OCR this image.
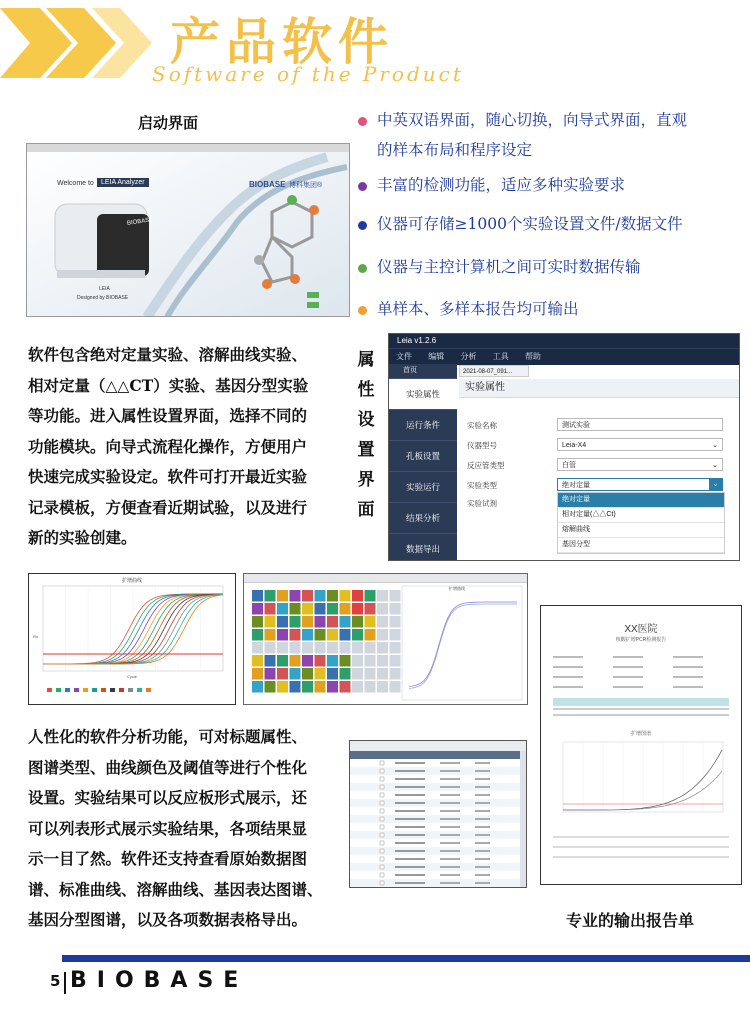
产品软件
Software of the Product
启动界面
Welcome to	LEIA Analyzer	BIOBASE 博科集团®
BIOBASE
LEIA
Designed by BIOBASE
中英双语界面，随心切换，向导式界面，直观
的样本布局和程序设定
丰富的检测功能，适应多种实验要求
仪器可存储≥1000个实验设置文件/数据文件
仪器与主控计算机之间可实时数据传输
单样本、多样本报告均可输出
软件包含绝对定量实验、溶解曲线实验、
相对定量（△△CT）实验、基因分型实验
等功能。进入属性设置界面，选择不同的
功能模块。向导式流程化操作，方便用户
快速完成实验设定。软件可打开最近实验
记录模板，方便查看近期试验，以及进行
新的实验创建。
属
性
设
置
界
面
Leia v1.2.6
文件 编辑 分析 工具 帮助
首页
实验属性
运行条件
孔板设置
实验运行
结果分析
数据导出
2021-08-07_091...
实验属性
实验名称	测试实验
仪器型号	Leia-X4	⌄
反应管类型	白管	⌄
实验类型	绝对定量	⌄
实验试剂	绝对定量
相对定量(△△Ct)
熔解曲线
基因分型
扩增曲线
Rn
Cycle
扩增曲线
人性化的软件分析功能，可对标题属性、
图谱类型、曲线颜色及阈值等进行个性化
设置。实验结果可以反应板形式展示，还
可以列表形式展示实验结果，各项结果显
示一目了然。软件还支持查看原始数据图
谱、标准曲线、溶解曲线、基因表达图谱、
基因分型图谱，以及各项数据表格导出。
XX医院
核酸扩增PCR检测报告
扩增图谱
专业的输出报告单
5 BIOBASE
